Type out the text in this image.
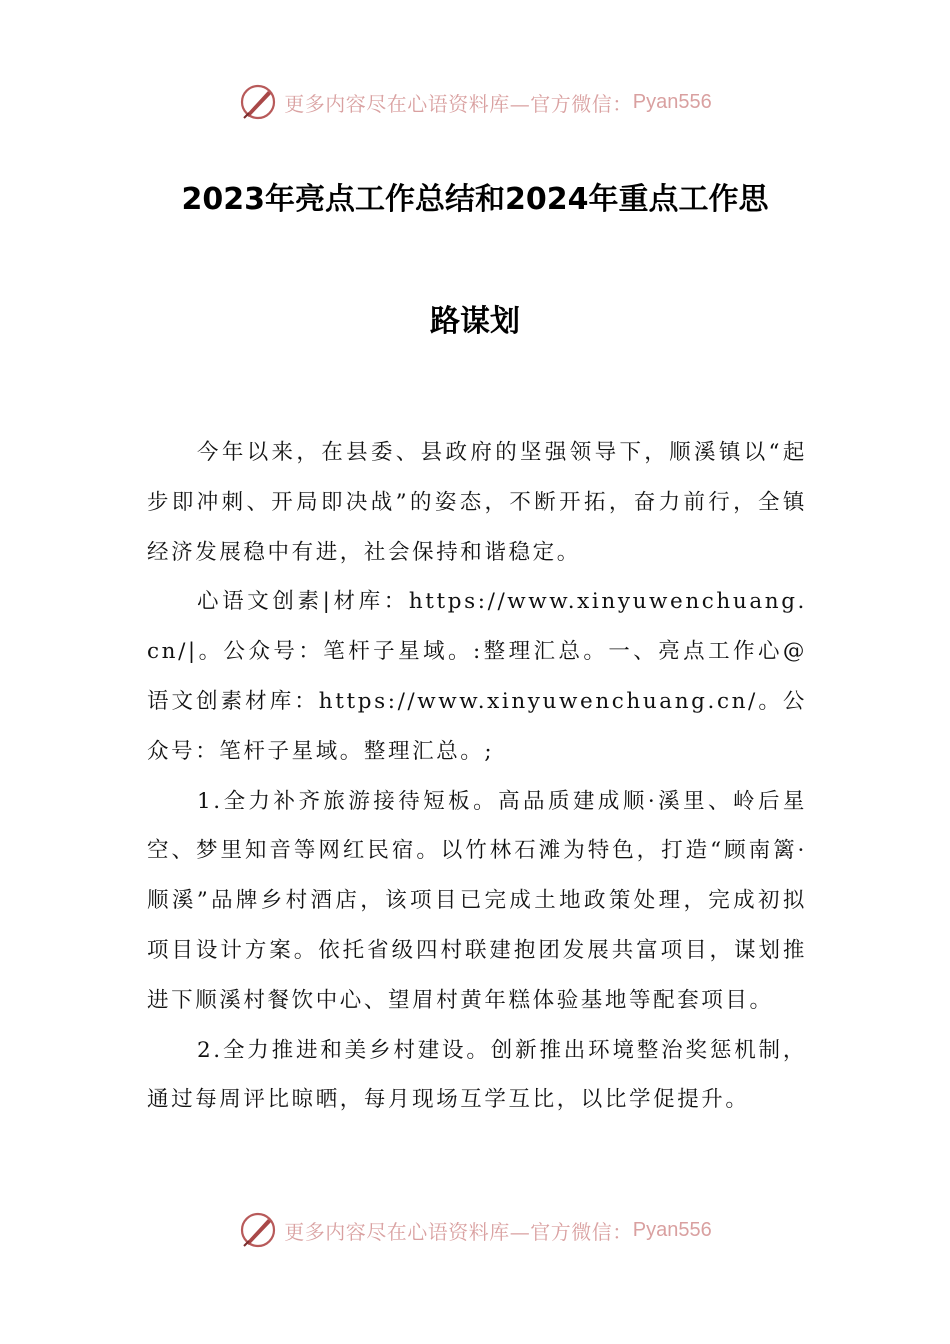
更多内容尽在心语资料库—官方微信： Pyan556
2023年亮点工作总结和2024年重点工作思
路谋划

今年以来，在县委、县政府的坚强领导下，顺溪镇以“起步即冲刺、开局即决战”的姿态，不断开拓，奋力前行，全镇经济发展稳中有进，社会保持和谐稳定。

心语文创素|材库：https://www.xinyuwenchuang.cn/|。公众号：笔杆子星域。:整理汇总。一、亮点工作心@语文创素材库：https://www.xinyuwenchuang.cn/。公众号：笔杆子星域。整理汇总。;

1.全力补齐旅游接待短板。高品质建成顺·溪里、岭后星空、梦里知音等网红民宿。以竹林石滩为特色，打造“顾南篱·顺溪”品牌乡村酒店，该项目已完成土地政策处理，完成初拟项目设计方案。依托省级四村联建抱团发展共富项目，谋划推进下顺溪村餐饮中心、望眉村黄年糕体验基地等配套项目。

2.全力推进和美乡村建设。创新推出环境整治奖惩机制，通过每周评比晾晒，每月现场互学互比，以比学促提升。

更多内容尽在心语资料库—官方微信： Pyan556
